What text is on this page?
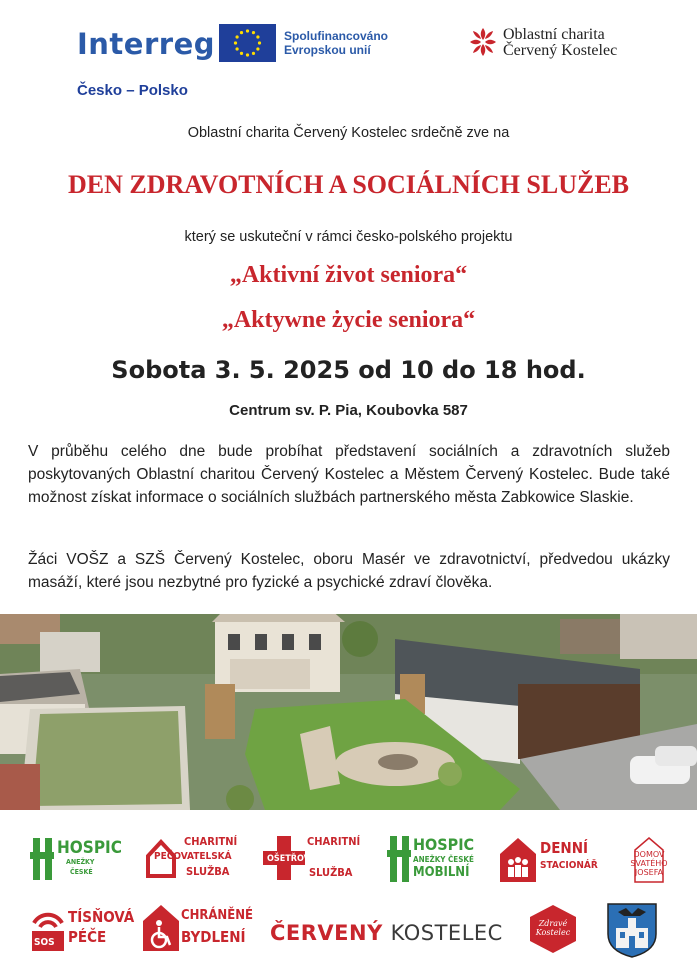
Interreg	Spolufinancováno Evropskou unií
Česko – Polsko
Oblastní charita
Červený Kostelec
Oblastní charita Červený Kostelec srdečně zve na
DEN ZDRAVOTNÍCH A SOCIÁLNÍCH SLUŽEB
který se uskuteční v rámci česko-polského projektu
„Aktivní život seniora“
„Aktywne życie seniora“
Sobota 3. 5. 2025 od 10 do 18 hod.
Centrum sv. P. Pia, Koubovka 587
V průběhu celého dne bude probíhat představení sociálních a zdravotních služeb poskytovaných Oblastní charitou Červený Kostelec a Městem Červený Kostelec. Bude také možnost získat informace o sociálních službách partnerského města Zabkowice Slaskie.
Žáci VOŠZ a SZŠ Červený Kostelec, oboru Masér ve zdravotnictví, předvedou ukázky masáží, které jsou nezbytné pro fyzické a psychické zdraví člověka.
HOSPIC
ANEŽKY
ČESKÉ
CHARITNÍ
PEČOVATELSKÁ
SLUŽBA
CHARITNÍ
OŠETŘOVATELSKÁ
SLUŽBA
HOSPIC
ANEŽKY ČESKÉ
MOBILNÍ
DENNÍ
STACIONÁŘ
DOMOV
SVATÉHO
JOSEFA
SOS
TÍSŇOVÁ
PÉČE
CHRÁNĚNÉ
BYDLENÍ ČERVENÝ KOSTELEC	Zdravé
Kostelec
